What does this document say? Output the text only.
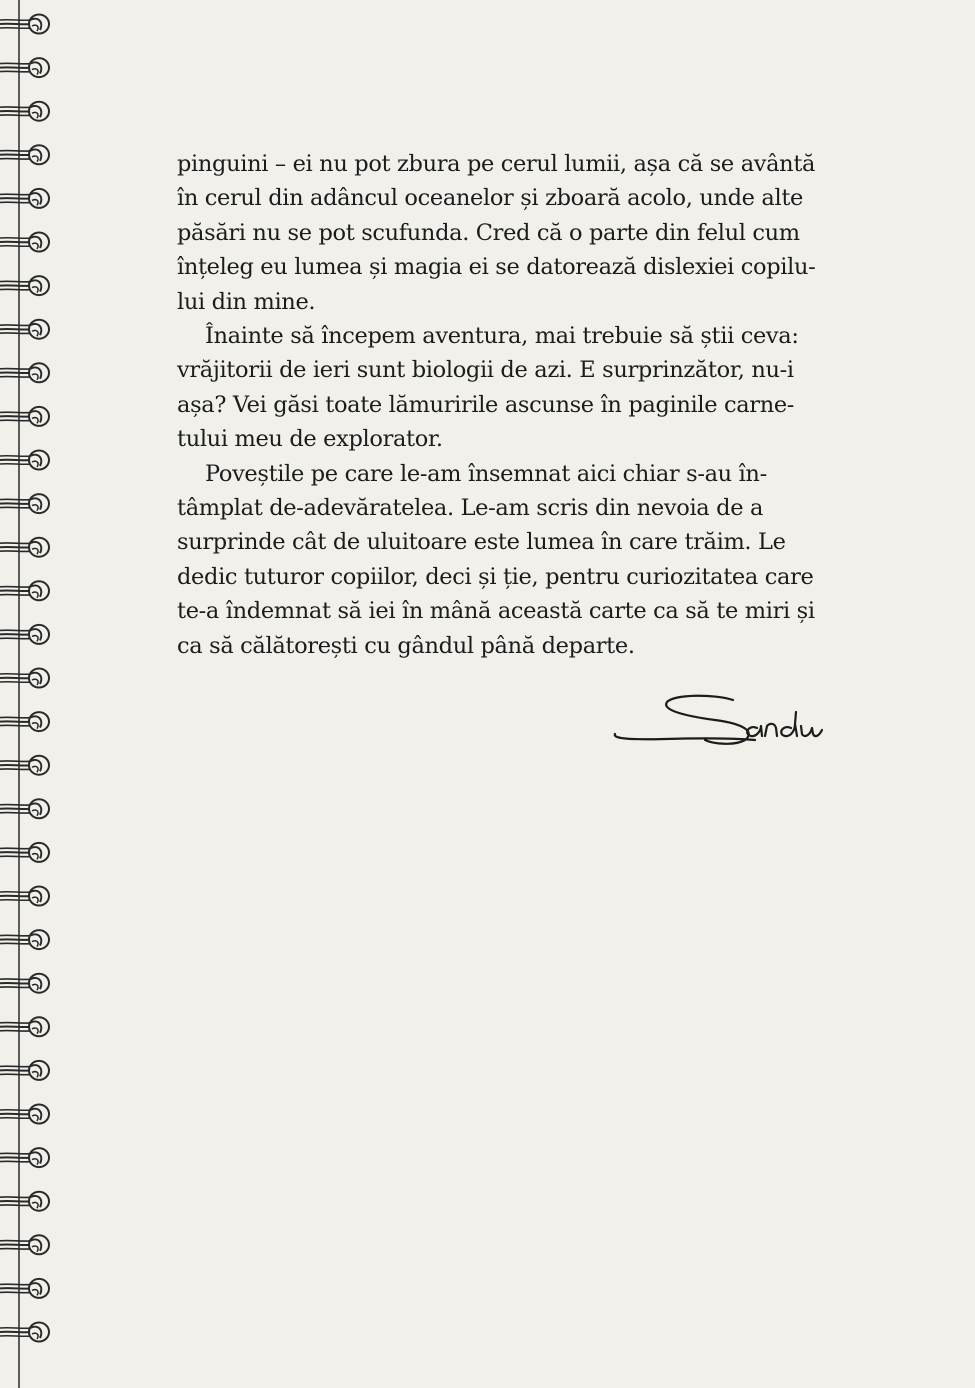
pinguini – ei nu pot zbura pe cerul lumii, așa că se avântă
în cerul din adâncul oceanelor și zboară acolo, unde alte
păsări nu se pot scufunda. Cred că o parte din felul cum
înțeleg eu lumea și magia ei se datorează dislexiei copilu-
lui din mine.

Înainte să începem aventura, mai trebuie să știi ceva:
vrăjitorii de ieri sunt biologii de azi. E surprinzător, nu-i
așa? Vei găsi toate lămuririle ascunse în paginile carne-
tului meu de explorator.

Poveștile pe care le-am însemnat aici chiar s-au în-
tâmplat de-adevăratelea. Le-am scris din nevoia de a
surprinde cât de uluitoare este lumea în care trăim. Le
dedic tuturor copiilor, deci și ție, pentru curiozitatea care
te-a îndemnat să iei în mână această carte ca să te miri și
ca să călătorești cu gândul până departe.
